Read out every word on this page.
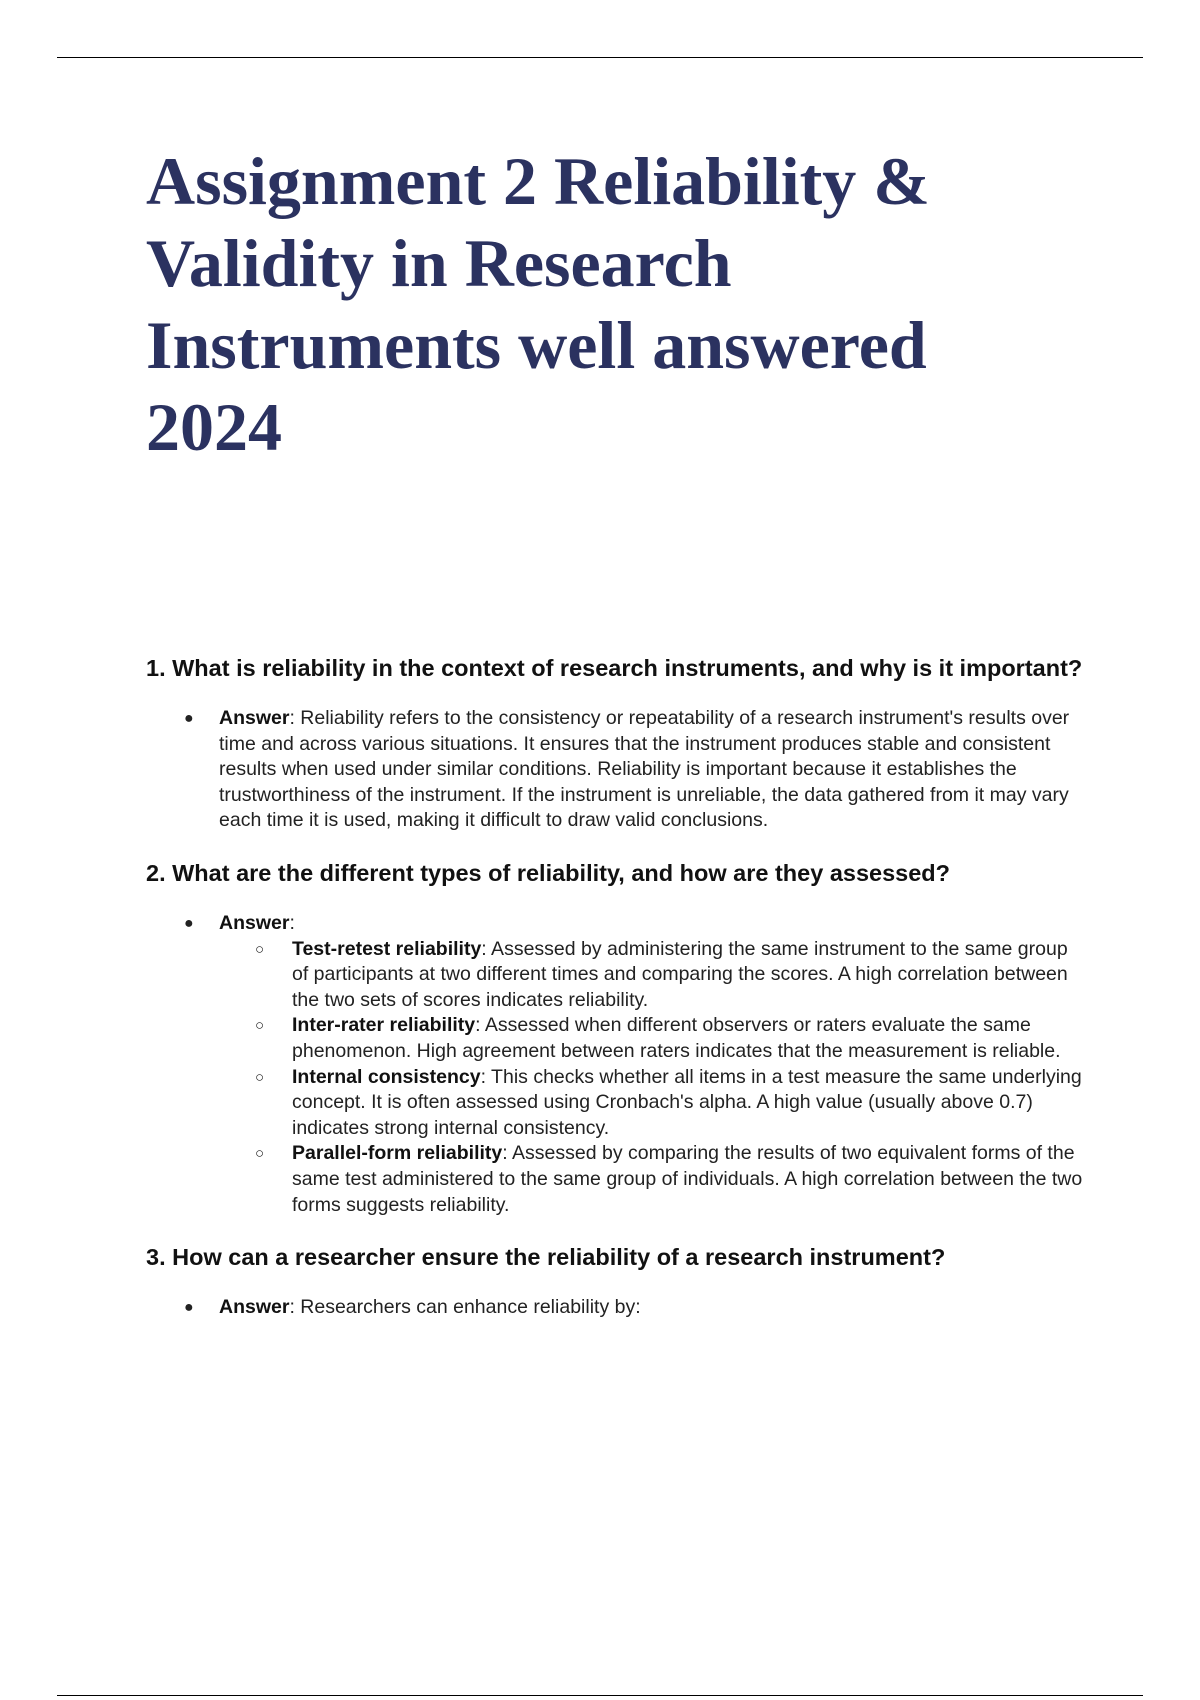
Assignment 2 Reliability & Validity in Research Instruments well answered 2024
1. What is reliability in the context of research instruments, and why is it important?
● Answer: Reliability refers to the consistency or repeatability of a research instrument's results over time and across various situations. It ensures that the instrument produces stable and consistent results when used under similar conditions. Reliability is important because it establishes the trustworthiness of the instrument. If the instrument is unreliable, the data gathered from it may vary each time it is used, making it difficult to draw valid conclusions.
2. What are the different types of reliability, and how are they assessed?
● Answer:
○ Test-retest reliability: Assessed by administering the same instrument to the same group of participants at two different times and comparing the scores. A high correlation between the two sets of scores indicates reliability.
○ Inter-rater reliability: Assessed when different observers or raters evaluate the same phenomenon. High agreement between raters indicates that the measurement is reliable.
○ Internal consistency: This checks whether all items in a test measure the same underlying concept. It is often assessed using Cronbach's alpha. A high value (usually above 0.7) indicates strong internal consistency.
○ Parallel-form reliability: Assessed by comparing the results of two equivalent forms of the same test administered to the same group of individuals. A high correlation between the two forms suggests reliability.
3. How can a researcher ensure the reliability of a research instrument?
● Answer: Researchers can enhance reliability by:
